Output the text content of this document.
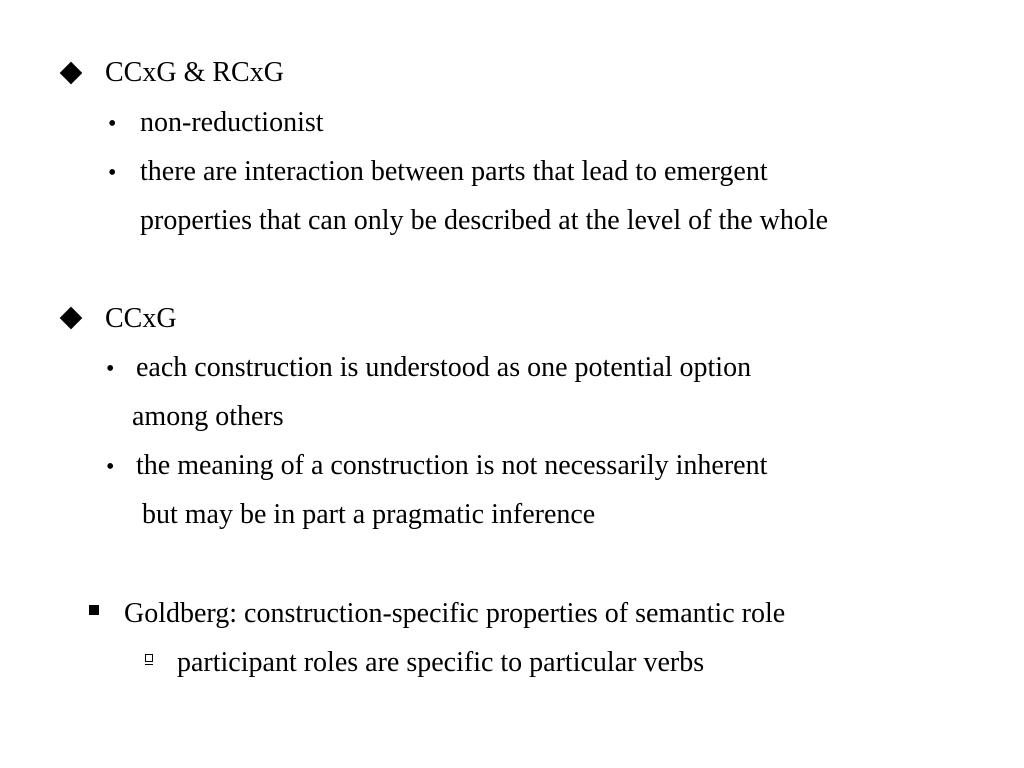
CCxG & RCxG
• non-reductionist
• there are interaction between parts that lead to emergent
properties that can only be described at the level of the whole
CCxG
• each construction is understood as one potential option
among others
• the meaning of a construction is not necessarily inherent
but may be in part a pragmatic inference
Goldberg: construction-specific properties of semantic role
participant roles are specific to particular verbs
